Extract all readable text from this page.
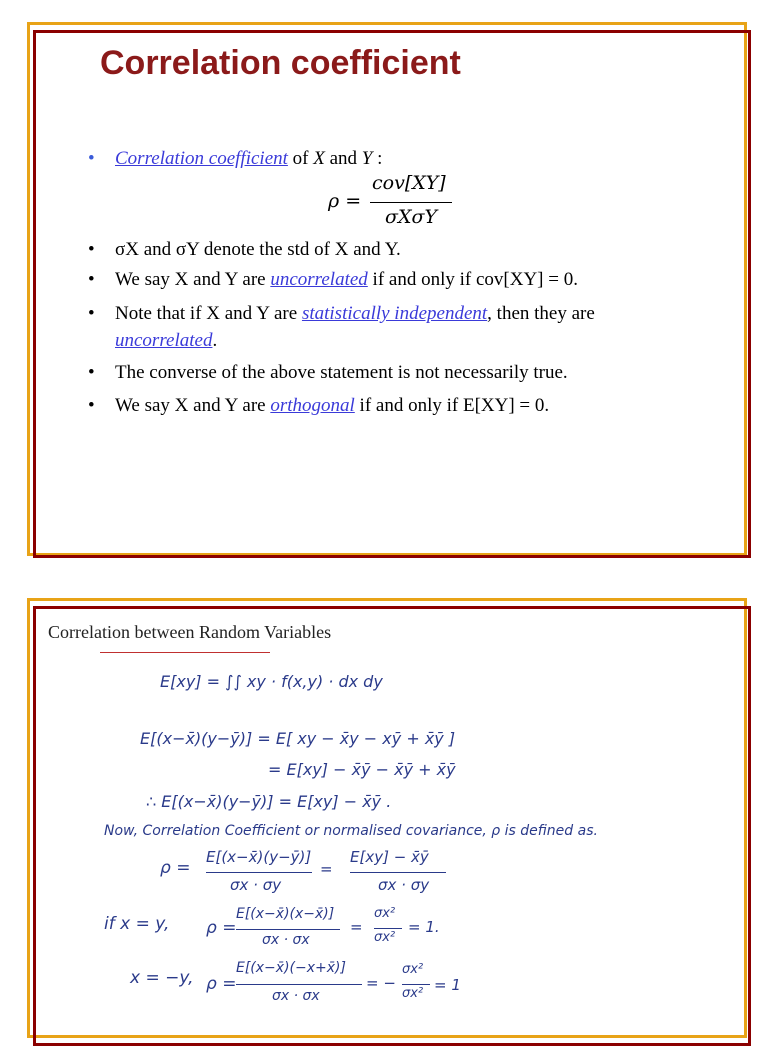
Correlation coefficient
• Correlation coefficient of X and Y :
ρ =
cov[XY]
σXσY
• σX and σY denote the std of X and Y.
• We say X and Y are uncorrelated if and only if cov[XY] = 0.
• Note that if X and Y are statistically independent, then they are
uncorrelated.
• The converse of the above statement is not necessarily true.
• We say X and Y are orthogonal if and only if E[XY] = 0.
Correlation between Random Variables
E[xy] = ∫∫ xy · f(x,y) · dx dy
E[(x−x̄)(y−ȳ)] = E[ xy − x̄y − xȳ + x̄ȳ ]
= E[xy] − x̄ȳ − x̄ȳ + x̄ȳ
∴ E[(x−x̄)(y−ȳ)] = E[xy] − x̄ȳ .
Now, Correlation Coefficient or normalised covariance, ρ is defined as.
ρ =
E[(x−x̄)(y−ȳ)]
σx · σy
=
E[xy] − x̄ȳ
σx · σy
if x = y, ρ =
E[(x−x̄)(x−x̄)]
σx · σx
=
σx²
σx²
= 1.
x = −y, ρ =
E[(x−x̄)(−x+x̄)]
σx · σx
= −
σx²
σx² = 1
